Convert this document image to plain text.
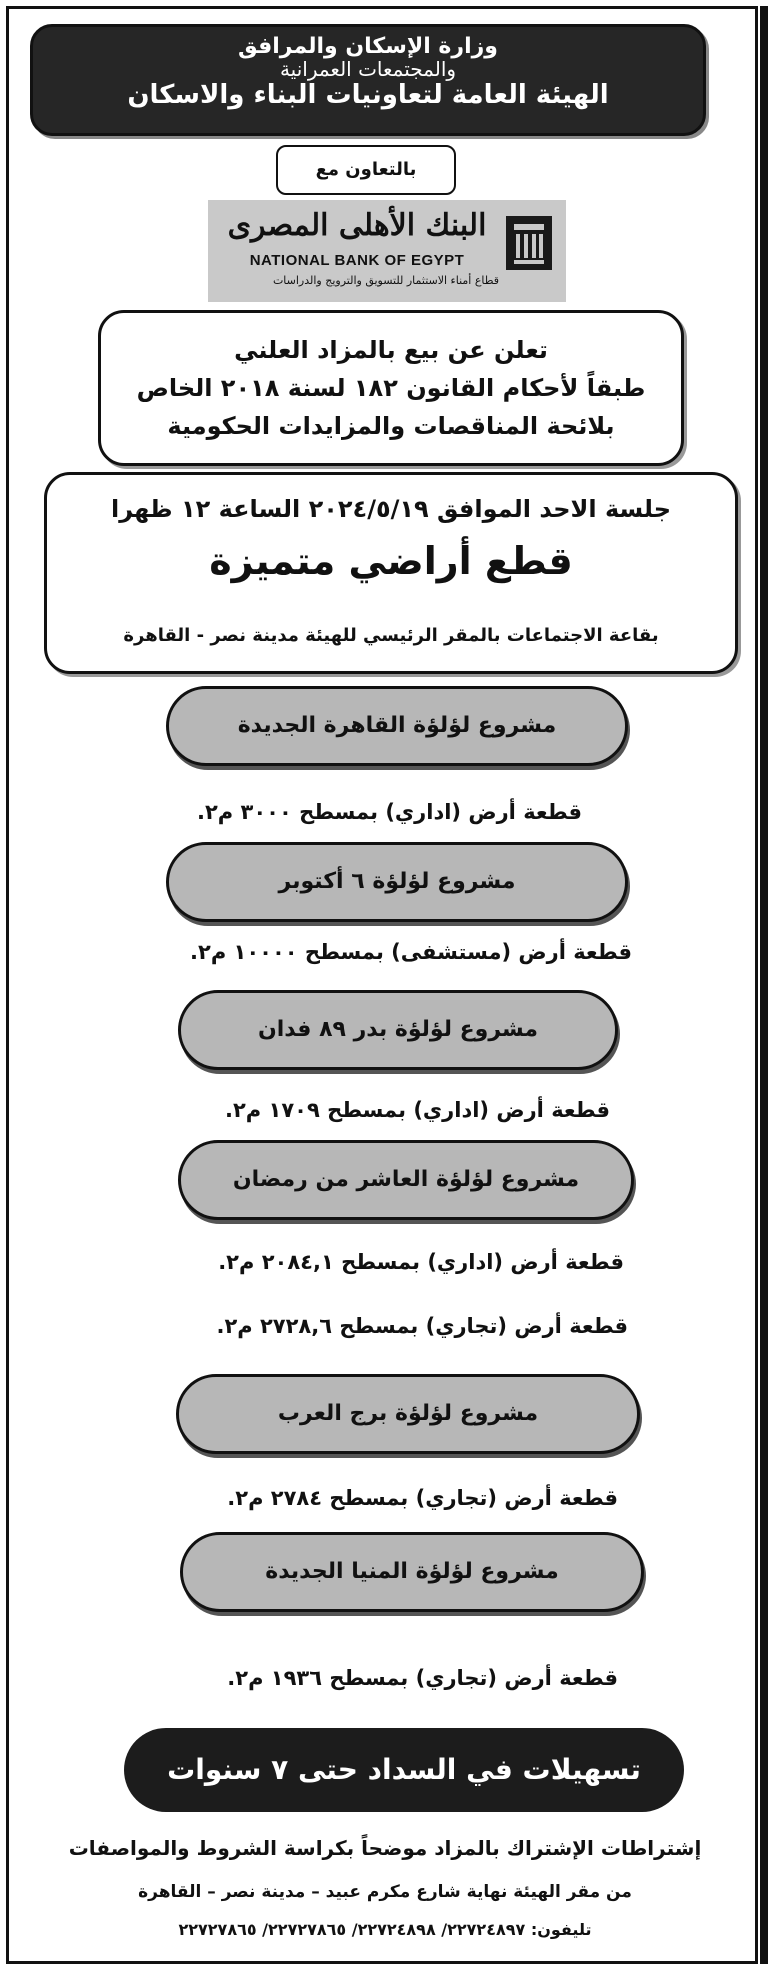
وزارة الإسكان والمرافق
والمجتمعات العمرانية
الهيئة العامة لتعاونيات البناء والاسكان
بالتعاون مع
البنك الأهلى المصرى
NATIONAL BANK OF EGYPT
قطاع أمناء الاستثمار للتسويق والترويج والدراسات
تعلن عن بيع بالمزاد العلني
طبقاً لأحكام القانون ١٨٢ لسنة ٢٠١٨ الخاص
بلائحة المناقصات والمزايدات الحكومية
جلسة الاحد الموافق ٢٠٢٤/٥/١٩ الساعة ١٢ ظهرا
قطع أراضي متميزة
بقاعة الاجتماعات بالمقر الرئيسي للهيئة مدينة نصر - القاهرة
مشروع لؤلؤة القاهرة الجديدة
قطعة أرض (اداري) بمسطح ٣٠٠٠ م٢.
مشروع لؤلؤة ٦ أكتوبر
قطعة أرض (مستشفى) بمسطح ١٠٠٠٠ م٢.
مشروع لؤلؤة بدر ٨٩ فدان
قطعة أرض (اداري) بمسطح ١٧٠٩ م٢.
مشروع لؤلؤة العاشر من رمضان
قطعة أرض (اداري) بمسطح ٢٠٨٤,١ م٢.
قطعة أرض (تجاري) بمسطح ٢٧٢٨,٦ م٢.
مشروع لؤلؤة برج العرب
قطعة أرض (تجاري) بمسطح ٢٧٨٤ م٢.
مشروع لؤلؤة المنيا الجديدة
قطعة أرض (تجاري) بمسطح ١٩٣٦ م٢.
تسهيلات في السداد حتى ٧ سنوات
إشتراطات الإشتراك بالمزاد موضحاً بكراسة الشروط والمواصفات
من مقر الهيئة نهاية شارع مكرم عبيد – مدينة نصر – القاهرة
تليفون: ٢٢٧٢٤٨٩٧/ ٢٢٧٢٤٨٩٨/ ٢٢٧٢٧٨٦٥/ ٢٢٧٢٧٨٦٥
